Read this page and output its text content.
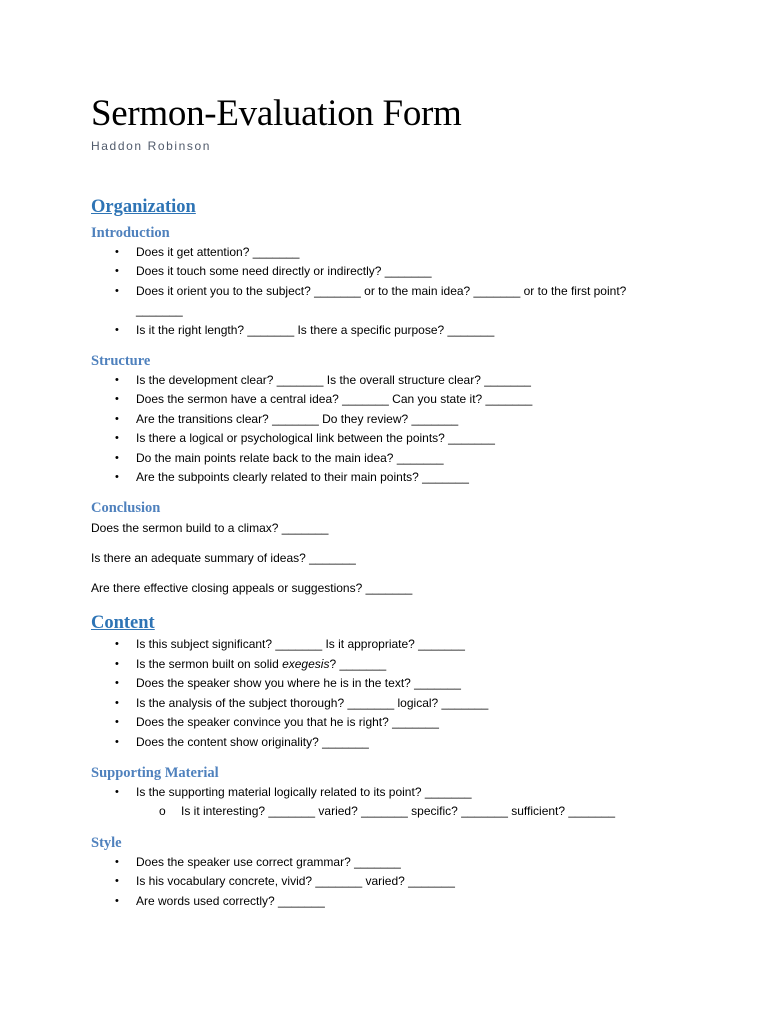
Sermon-Evaluation Form
Haddon Robinson
Organization
Introduction
• Does it get attention? _______
• Does it touch some need directly or indirectly? _______
• Does it orient you to the subject? _______ or to the main idea? _______ or to the first point?
_______
• Is it the right length? _______ Is there a specific purpose? _______
Structure
• Is the development clear? _______ Is the overall structure clear? _______
• Does the sermon have a central idea? _______ Can you state it? _______
• Are the transitions clear? _______ Do they review? _______
• Is there a logical or psychological link between the points? _______
• Do the main points relate back to the main idea? _______
• Are the subpoints clearly related to their main points? _______
Conclusion

Does the sermon build to a climax? _______

Is there an adequate summary of ideas? _______

Are there effective closing appeals or suggestions? _______

Content
• Is this subject significant? _______ Is it appropriate? _______
• Is the sermon built on solid exegesis? _______
• Does the speaker show you where he is in the text? _______
• Is the analysis of the subject thorough? _______ logical? _______
• Does the speaker convince you that he is right? _______
• Does the content show originality? _______
Supporting Material
• Is the supporting material logically related to its point? _______
o Is it interesting? _______ varied? _______ specific? _______ sufficient? _______
Style
• Does the speaker use correct grammar? _______
• Is his vocabulary concrete, vivid? _______ varied? _______
• Are words used correctly? _______
